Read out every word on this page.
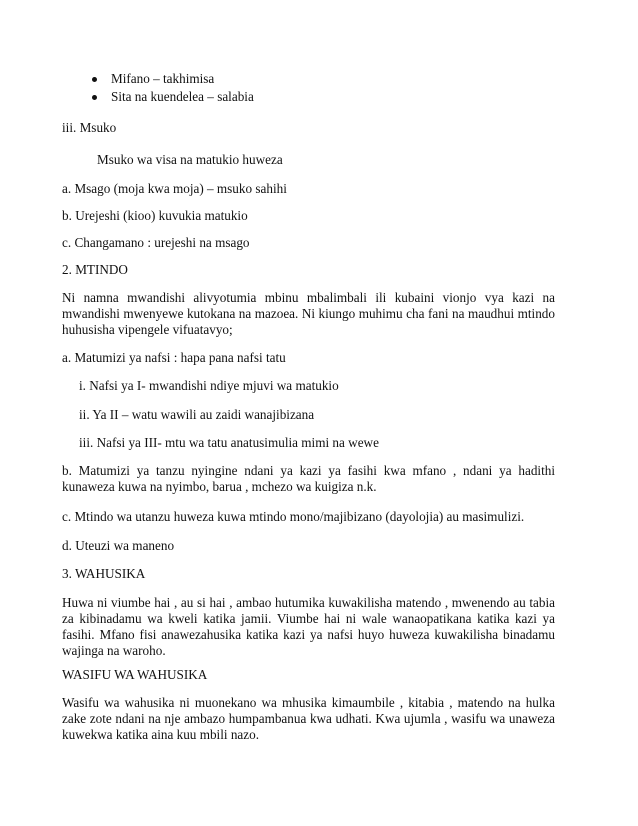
Mifano – takhimisa
Sita na kuendelea – salabia
iii. Msuko
Msuko wa visa na matukio huweza
a. Msago (moja kwa moja) – msuko sahihi
b. Urejeshi (kioo) kuvukia matukio
c. Changamano : urejeshi na msago
2. MTINDO
Ni namna mwandishi alivyotumia mbinu mbalimbali ili kubaini vionjo vya kazi na mwandishi mwenyewe kutokana na mazoea. Ni kiungo muhimu cha fani na maudhui mtindo huhusisha vipengele vifuatavyo;
a. Matumizi ya nafsi : hapa pana nafsi tatu
i. Nafsi ya I- mwandishi ndiye mjuvi wa matukio
ii. Ya II – watu wawili au zaidi wanajibizana
iii. Nafsi ya III- mtu wa tatu anatusimulia mimi na wewe
b. Matumizi ya tanzu nyingine ndani ya kazi ya fasihi kwa mfano , ndani ya hadithi kunaweza kuwa na nyimbo, barua , mchezo wa kuigiza n.k.
c. Mtindo wa utanzu huweza kuwa mtindo mono/majibizano (dayolojia) au masimulizi.
d. Uteuzi wa maneno
3. WAHUSIKA
Huwa ni viumbe hai , au si hai , ambao hutumika kuwakilisha matendo , mwenendo au tabia za kibinadamu wa kweli katika jamii. Viumbe hai ni wale wanaopatikana katika kazi ya fasihi. Mfano fisi anawezahusika katika kazi ya nafsi huyo huweza kuwakilisha binadamu wajinga na waroho.
WASIFU WA WAHUSIKA
Wasifu wa wahusika ni muonekano wa mhusika kimaumbile , kitabia , matendo na hulka zake zote ndani na nje ambazo humpambanua kwa udhati. Kwa ujumla , wasifu wa unaweza kuwekwa katika aina kuu mbili nazo.
